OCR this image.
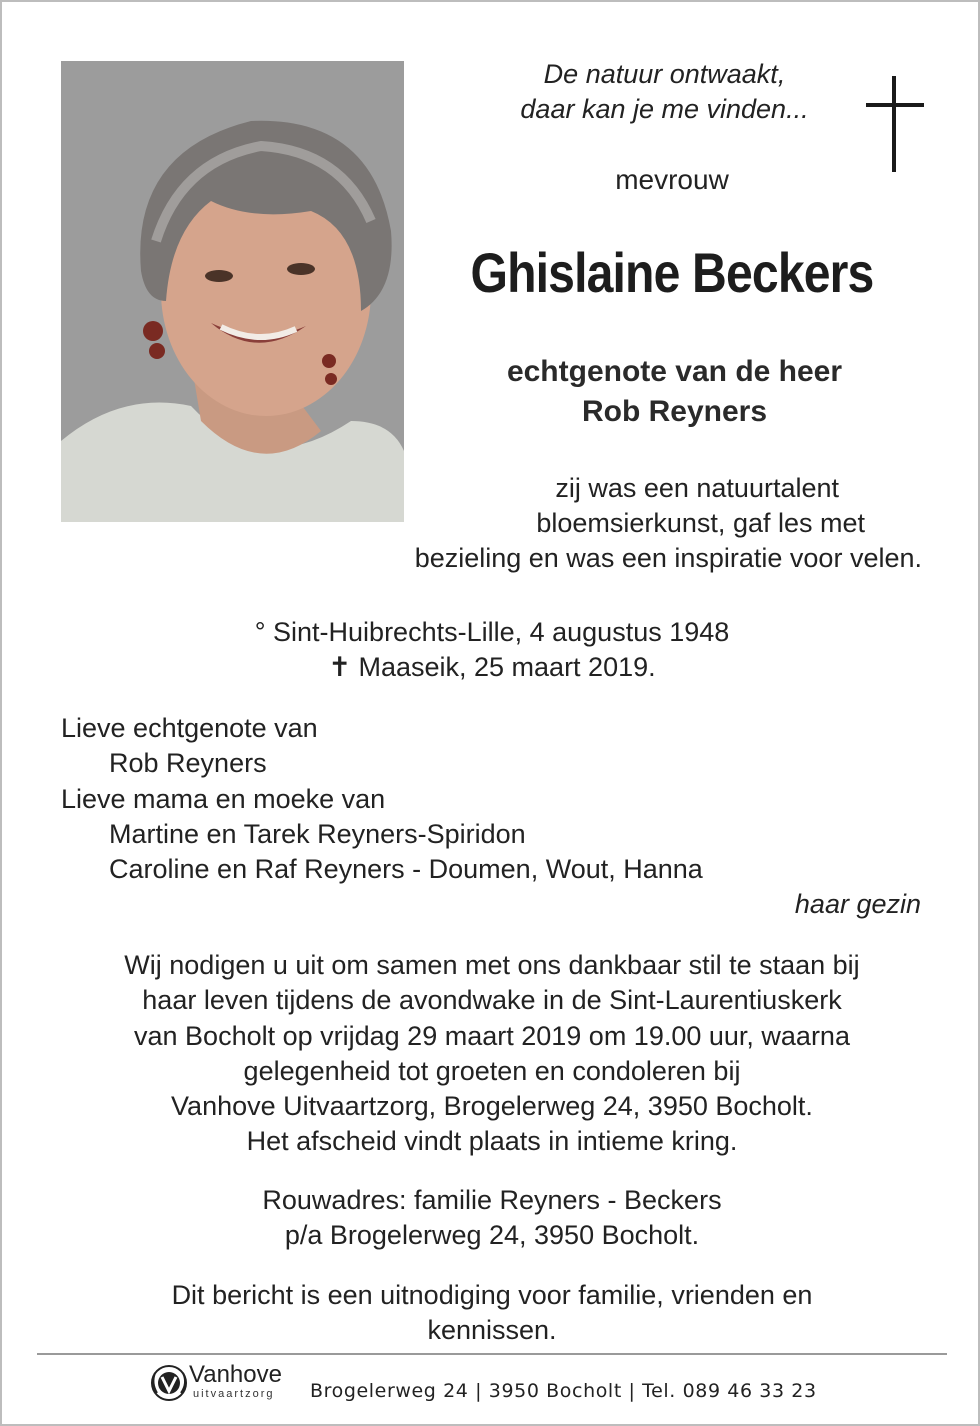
De natuur ontwaakt,
daar kan je me vinden...
mevrouw
Ghislaine Beckers
echtgenote van de heer
Rob Reyners
zij was een natuurtalent
bloemsierkunst, gaf les met
bezieling en was een inspiratie voor velen.
° Sint-Huibrechts-Lille, 4 augustus 1948
✝ Maaseik, 25 maart 2019.
Lieve echtgenote van
Rob Reyners
Lieve mama en moeke van
Martine en Tarek Reyners-Spiridon
Caroline en Raf Reyners - Doumen, Wout, Hanna
haar gezin
Wij nodigen u uit om samen met ons dankbaar stil te staan bij
haar leven tijdens de avondwake in de Sint-Laurentiuskerk
van Bocholt op vrijdag 29 maart 2019 om 19.00 uur, waarna
gelegenheid tot groeten en condoleren bij
Vanhove Uitvaartzorg, Brogelerweg 24, 3950 Bocholt.
Het afscheid vindt plaats in intieme kring.
Rouwadres: familie Reyners - Beckers
p/a Brogelerweg 24, 3950 Bocholt.
Dit bericht is een uitnodiging voor familie, vrienden en
kennissen.
Vanhove
uitvaartzorg Brogelerweg 24 | 3950 Bocholt | Tel. 089 46 33 23
